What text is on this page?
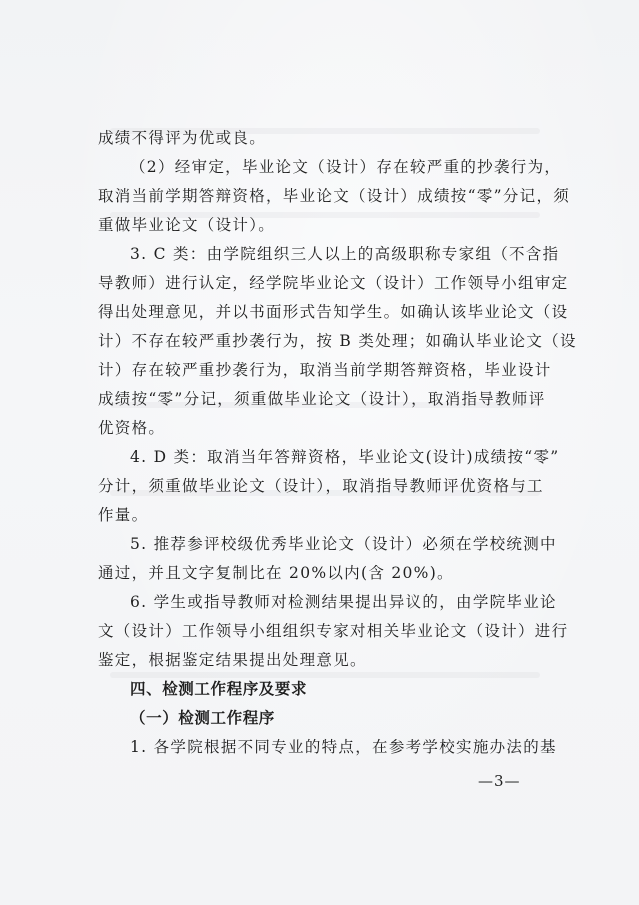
成绩不得评为优或良。
（2）经审定，毕业论文（设计）存在较严重的抄袭行为，
取消当前学期答辩资格，毕业论文（设计）成绩按“零”分记，须
重做毕业论文（设计）。
3. C 类：由学院组织三人以上的高级职称专家组（不含指
导教师）进行认定，经学院毕业论文（设计）工作领导小组审定
得出处理意见，并以书面形式告知学生。如确认该毕业论文（设
计）不存在较严重抄袭行为，按 B 类处理；如确认毕业论文（设
计）存在较严重抄袭行为，取消当前学期答辩资格，毕业设计
成绩按“零”分记，须重做毕业论文（设计），取消指导教师评
优资格。
4. D 类：取消当年答辩资格，毕业论文(设计)成绩按“零”
分计，须重做毕业论文（设计），取消指导教师评优资格与工
作量。
5. 推荐参评校级优秀毕业论文（设计）必须在学校统测中
通过，并且文字复制比在 20%以内(含 20%)。
6. 学生或指导教师对检测结果提出异议的，由学院毕业论
文（设计）工作领导小组组织专家对相关毕业论文（设计）进行
鉴定，根据鉴定结果提出处理意见。
四、检测工作程序及要求
（一）检测工作程序
1. 各学院根据不同专业的特点，在参考学校实施办法的基
—3—
